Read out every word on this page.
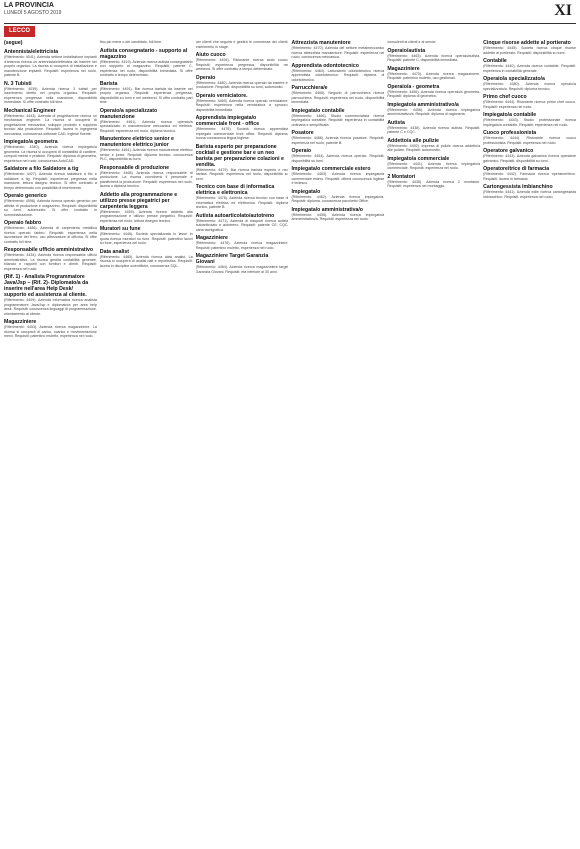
LA PROVINCIA
LUNEDÌ 5 AGOSTO 2019	XI
LECCO
(segue)
Antennista/elettricista

(Riferimento: 4041). Azienda settore installazione impianti d'antenna ricerca un antennista/elettricista da inserire nel proprio organico. La risorsa si occuperà di installazione e manutenzione impianti. Requisiti: esperienza nel ruolo, patente B.

N. 3 Tubisti

(Riferimento: 4039). Azienda ricerca 3 tubisti per inserimento diretto nel proprio organico. Requisiti: esperienza pregressa nella mansione, disponibilità immediata. Si offre contratto full time.

Mechanical Engineer

(Riferimento: 4443). Azienda di progettazione ricerca un mechanical engineer. La risorsa si occuperà di progettazione meccanica, sviluppo prodotto e supporto tecnico alla produzione. Requisiti: laurea in ingegneria meccanica, conoscenza software CAD, inglese fluente.

Impiegato/a geometra

(Riferimento: 4340). Azienda ricerca impiegato/a geometra. La risorsa si occuperà di contabilità di cantiere, computi metrici e pratiche. Requisiti: diploma di geometra, esperienza nel ruolo, conoscenza AutoCAD.

Saldatore a filo Saldatore a tig

(Riferimento: 4427). Azienda ricerca saldatore a filo e saldatore a tig. Requisiti: esperienza pregressa nella mansione, lettura disegno tecnico. Si offre contratto a tempo determinato con possibilità di inserimento.

Operaio generico

(Riferimento: 4096). Azienda ricerca operaio generico per attività di produzione e magazzino. Requisiti: disponibilità su turni, automunito. Si offre contratto in somministrazione.

Operaio fabbro

(Riferimento: 4486). Azienda di carpenteria metallica ricerca operaio fabbro. Requisiti: esperienza nella lavorazione del ferro, uso attrezzature di officina. Si offre contratto full time.

Responsabile ufficio amministrativo

(Riferimento: 4434). Azienda ricerca responsabile ufficio amministrativo. La risorsa gestirà contabilità generale, bilancio e rapporti con fornitori e clienti. Requisiti: esperienza nel ruolo.

(Rif. 1) - Analista Programmatore Java/Jsp – (Rif. 2)- Diplomato/a da inserire nell'area Help Desk/ supporto ed assistenza al cliente.

(Riferimento: 4409). Azienda informatica ricerca analista programmatore Java/Jsp e diplomato/a per area help desk. Requisiti: conoscenza linguaggi di programmazione, orientamento al cliente.

Magazziniere

(Riferimento: 4453). Azienda ricerca magazziniere. La risorsa si occuperà di carico, scarico e movimentazione merci. Requisiti: patentino muletto, esperienza nel ruolo.

fino più mene o del candidato, full time.

Autista consegnatario - supporto al magazzino

(Riferimento: 4419). Azienda ricerca autista consegnatario con supporto al magazzino. Requisiti: patente C, esperienza nel ruolo, disponibilità immediata. Si offre contratto a tempo determinato.

Barista

(Riferimento: 4491). Bar ricerca barista da inserire nel proprio organico. Requisiti: esperienza pregressa, disponibilità su turni e nei weekend. Si offre contratto part time.

Operaio/a specializzato manutenzione

(Riferimento: 4461). Azienda ricerca operaio/a specializzato in manutenzione meccanica ed elettrica. Requisiti: esperienza nel ruolo, diploma tecnico.

Manutentore elettrico senior e manutentore elettrico junior

(Riferimento: 4461). Azienda ricerca manutentore elettrico senior e junior. Requisiti: diploma tecnico, conoscenza PLC, disponibilità su turni.

Responsabile di produzione

(Riferimento: 4468). Azienda ricerca responsabile di produzione. La risorsa coordinerà il personale e pianificherà la produzione. Requisiti: esperienza nel ruolo, laurea o diploma tecnico.

Addetto alla programmazione e utilizzo presse piegatrici per carpenteria leggera

(Riferimento: 4459). Azienda ricerca addetto alla programmazione e utilizzo presse piegatrici. Requisiti: esperienza nel ruolo, lettura disegno tecnico.

Muratori su fune

(Riferimento: 4446). Società specializzata in lavori in quota ricerca muratori su fune. Requisiti: patentino lavori su fune, esperienza nel ruolo.

Data analist

(Riferimento: 4485). Azienda ricerca data analist. La risorsa si occuperà di analisi dati e reportistica. Requisiti: laurea in discipline scientifiche, conoscenza SQL.

per clienti che seguirà e gestirà le commesse dei clienti, inserimento in stage.

Aiuto cuoco

(Riferimento: 4494). Ristorante ricerca aiuto cuoco. Requisiti: esperienza pregressa, disponibilità nei weekend. Si offre contratto a tempo determinato.

Operaio

(Riferimento: 4480). Azienda ricerca operaio da inserire in produzione. Requisiti: disponibilità su turni, automunito.

Operaio verniciatore.

(Riferimento: 4469). Azienda ricerca operaio verniciatore. Requisiti: esperienza nella verniciatura a spruzzo, disponibilità immediata.

Apprendista impiegata/o commerciale front - office

(Riferimento: 4476). Società ricerca apprendista impiegato commerciale front office. Requisiti: diploma, buona conoscenza lingua inglese.

Barista esperto per preparazione cocktail e gestione bar e un neo barista per preparazione colazioni e vendita.

(Riferimento: 4479). Bar ricerca barista esperto e neo barista. Requisiti: esperienza nel ruolo, disponibilità su turni.

Tecnico con base di informatica elettrica e elettronica

(Riferimento: 4478). Azienda ricerca tecnico con base di informatica elettrica ed elettronica. Requisiti: diploma tecnico, patente B.

Autista autoarticolato/autotreno

(Riferimento: 4471). Azienda di trasporti ricerca autista autoarticolato e autotreno. Requisiti: patente CE, CQC, carta tachigrafica.

Magazziniere

(Riferimento: 4476). Azienda ricerca magazziniere. Requisiti: patentino muletto, esperienza nel ruolo.

Magazziniere Target Garanzia Giovani

(Riferimento: 4484). Azienda ricerca magazziniere target Garanzia Giovani. Requisiti: età inferiore ai 30 anni.

Attrezzista manutentore

(Riferimento: 4470). Azienda del settore metalmeccanico ricerca attrezzista manutentore. Requisiti: esperienza nel ruolo, conoscenza meccanica.

Apprendista odontotecnico

(Riferimento: 4464). Laboratorio odontotecnico ricerca apprendista odontotecnico. Requisiti: diploma di odontotecnico.

Parrucchiera/e

(Riferimento: 4465). Negozio di parrucchiera ricerca parrucchiera. Requisiti: esperienza nel ruolo, disponibilità immediata.

Impiegata/o contabile

(Riferimento: 4466). Studio commercialista ricerca impiegato/a contabile. Requisiti: esperienza in contabilità ordinaria e semplificata.

Posatore

(Riferimento: 4488). Azienda ricerca posatore. Requisiti: esperienza nel ruolo, patente B.

Operaio

(Riferimento: 4454). Azienda ricerca operaio. Requisiti: disponibilità su turni.

Impiegata/o commerciale estero

(Riferimento: 4463). Azienda ricerca impiegato/a commerciale estero. Requisiti: ottima conoscenza inglese e tedesco.

Impiegata/o

(Riferimento: 4462). Azienda ricerca impiegato/a. Requisiti: diploma, conoscenza pacchetto Office.

Impiegata/o amministrativa/o

(Riferimento: 4455). Azienda ricerca impiegato/a amministrativo/a. Requisiti: esperienza nel ruolo.

consulenti ai clienti e ai servizi.

Operaio/autista

(Riferimento: 4463). Azienda ricerca operaio/autista. Requisiti: patente C, disponibilità immediata.

Magazziniere

(Riferimento: 4470). Azienda ricerca magazziniere. Requisiti: patentino muletto, uso gestionali.

Operaio/a - geometra

(Riferimento: 4456). Azienda ricerca operaio/a geometra. Requisiti: diploma di geometra.

Impiegato/a amministrativo/a

(Riferimento: 4456). Azienda ricerca impiegato/a amministrativo/a. Requisiti: diploma di ragioneria.

Autista

(Riferimento: 4438). Azienda ricerca autista. Requisiti: patente C e CQC.

Addetto/a alle pulizie

(Riferimento: 4492). Impresa di pulizie ricerca addetto/a alle pulizie. Requisiti: automunito.

Impiegato/a commerciale

(Riferimento: 4441). Azienda ricerca impiegato/a commerciale. Requisiti: esperienza nel ruolo.

2 Montatori

(Riferimento: 4436). Azienda ricerca 2 montatori. Requisiti: esperienza nel montaggio.

Cinque risorse addette al portierato

(Riferimento: 4445). Società ricerca cinque risorse addette al portierato. Requisiti: disponibilità su turni.

Contabile

(Riferimento: 4440). Azienda ricerca contabile. Requisiti: esperienza in contabilità generale.

Operaio/a specializzato/a

(Riferimento: 4380). Azienda ricerca operaio/a specializzato/a. Requisiti: diploma tecnico.

Primo chef cuoco

(Riferimento: 4444). Ristorante ricerca primo chef cuoco. Requisiti: esperienza nel ruolo.

Impiegato/a contabile

(Riferimento: 4443). Studio professionale ricerca impiegato/a contabile. Requisiti: esperienza nel ruolo.

Cuoco professionista

(Riferimento: 4444). Ristorante ricerca cuoco professionista. Requisiti: esperienza nel ruolo.

Operatore galvanico

(Riferimento: 4443). Azienda galvanica ricerca operatore galvanico. Requisiti: disponibilità su turni.

Operatore/trice di farmacia

(Riferimento: 4442). Farmacia ricerca operatore/trice. Requisiti: laurea in farmacia.

Cartongessista imbianchino

(Riferimento: 4441). Azienda edile ricerca cartongessista imbianchino. Requisiti: esperienza nel ruolo.
